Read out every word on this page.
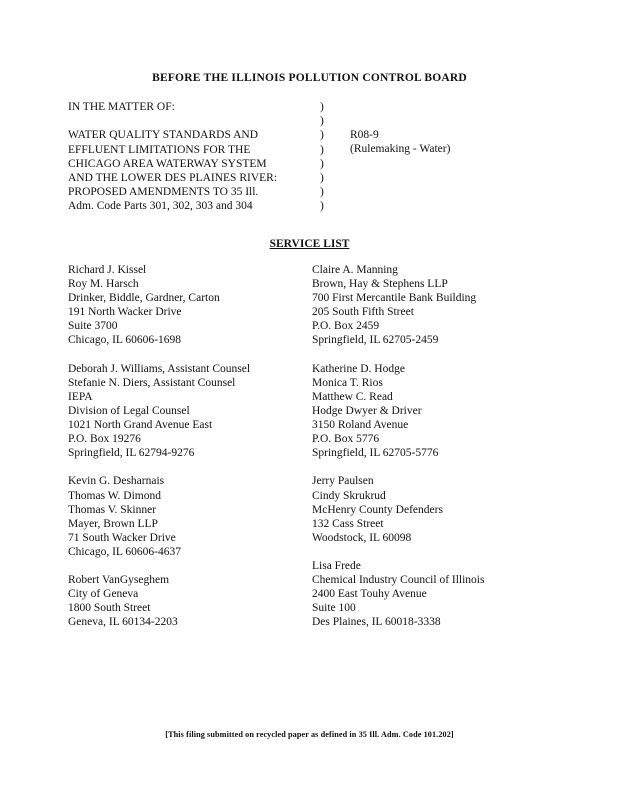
BEFORE THE ILLINOIS POLLUTION CONTROL BOARD
IN THE MATTER OF:
WATER QUALITY STANDARDS AND
EFFLUENT LIMITATIONS FOR THE
CHICAGO AREA WATERWAY SYSTEM
AND THE LOWER DES PLAINES RIVER:
PROPOSED AMENDMENTS TO 35 Ill.
Adm. Code Parts 301, 302, 303 and 304
)
)
)
)
)
)
)
)
R08-9
(Rulemaking - Water)
SERVICE LIST
Richard J. Kissel
Roy M. Harsch
Drinker, Biddle, Gardner, Carton
191 North Wacker Drive
Suite 3700
Chicago, IL 60606-1698
Deborah J. Williams, Assistant Counsel
Stefanie N. Diers, Assistant Counsel
IEPA
Division of Legal Counsel
1021 North Grand Avenue East
P.O. Box 19276
Springfield, IL 62794-9276
Kevin G. Desharnais
Thomas W. Dimond
Thomas V. Skinner
Mayer, Brown LLP
71 South Wacker Drive
Chicago, IL 60606-4637
Robert VanGyseghem
City of Geneva
1800 South Street
Geneva, IL 60134-2203
Claire A. Manning
Brown, Hay & Stephens LLP
700 First Mercantile Bank Building
205 South Fifth Street
P.O. Box 2459
Springfield, IL 62705-2459
Katherine D. Hodge
Monica T. Rios
Matthew C. Read
Hodge Dwyer & Driver
3150 Roland Avenue
P.O. Box 5776
Springfield, IL 62705-5776
Jerry Paulsen
Cindy Skrukrud
McHenry County Defenders
132 Cass Street
Woodstock, IL 60098
Lisa Frede
Chemical Industry Council of Illinois
2400 East Touhy Avenue
Suite 100
Des Plaines, IL 60018-3338
[This filing submitted on recycled paper as defined in 35 Ill. Adm. Code 101.202]
